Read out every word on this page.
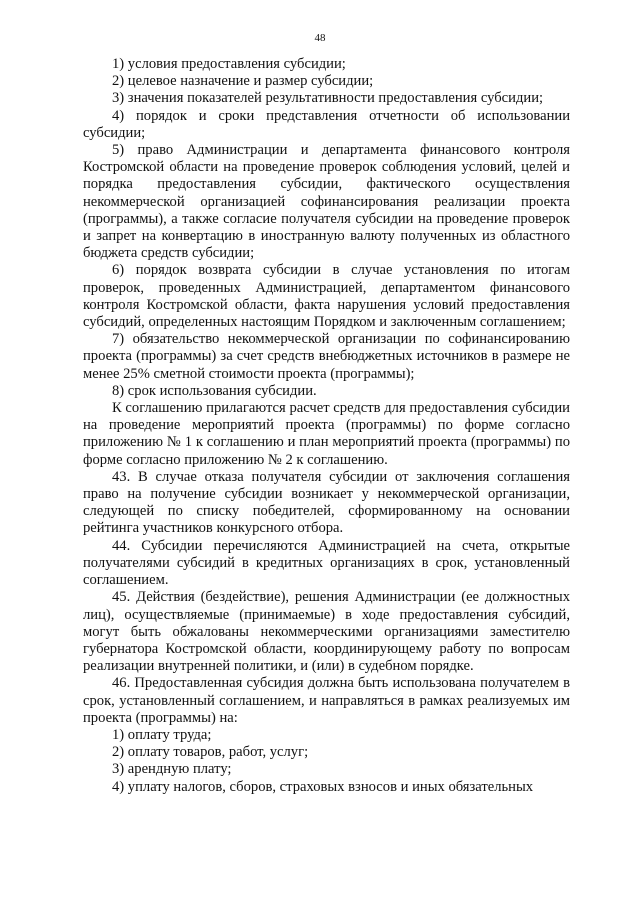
48

1) условия предоставления субсидии;

2) целевое назначение и размер субсидии;

3) значения показателей результативности предоставления субсидии;

4) порядок и сроки представления отчетности об использовании субсидии;

5) право Администрации и департамента финансового контроля Костромской области на проведение проверок соблюдения условий, целей и порядка предоставления субсидии, фактического осуществления некоммерческой организацией софинансирования реализации проекта (программы), а также согласие получателя субсидии на проведение проверок и запрет на конвертацию в иностранную валюту полученных из областного бюджета средств субсидии;

6) порядок возврата субсидии в случае установления по итогам проверок, проведенных Администрацией, департаментом финансового контроля Костромской области, факта нарушения условий предоставления субсидий, определенных настоящим Порядком и заключенным соглашением;

7) обязательство некоммерческой организации по софинансированию проекта (программы) за счет средств внебюджетных источников в размере не менее 25% сметной стоимости проекта (программы);

8) срок использования субсидии.

К соглашению прилагаются расчет средств для предоставления субсидии на проведение мероприятий проекта (программы) по форме согласно приложению № 1 к соглашению и план мероприятий проекта (программы) по форме согласно приложению № 2 к соглашению.

43. В случае отказа получателя субсидии от заключения соглашения право на получение субсидии возникает у некоммерческой организации, следующей по списку победителей, сформированному на основании рейтинга участников конкурсного отбора.

44. Субсидии перечисляются Администрацией на счета, открытые получателями субсидий в кредитных организациях в срок, установленный соглашением.

45. Действия (бездействие), решения Администрации (ее должностных лиц), осуществляемые (принимаемые) в ходе предоставления субсидий, могут быть обжалованы некоммерческими организациями заместителю губернатора Костромской области, координирующему работу по вопросам реализации внутренней политики, и (или) в судебном порядке.

46. Предоставленная субсидия должна быть использована получателем в срок, установленный соглашением, и направляться в рамках реализуемых им проекта (программы) на:

1) оплату труда;

2) оплату товаров, работ, услуг;

3) арендную плату;

4) уплату налогов, сборов, страховых взносов и иных обязательных
